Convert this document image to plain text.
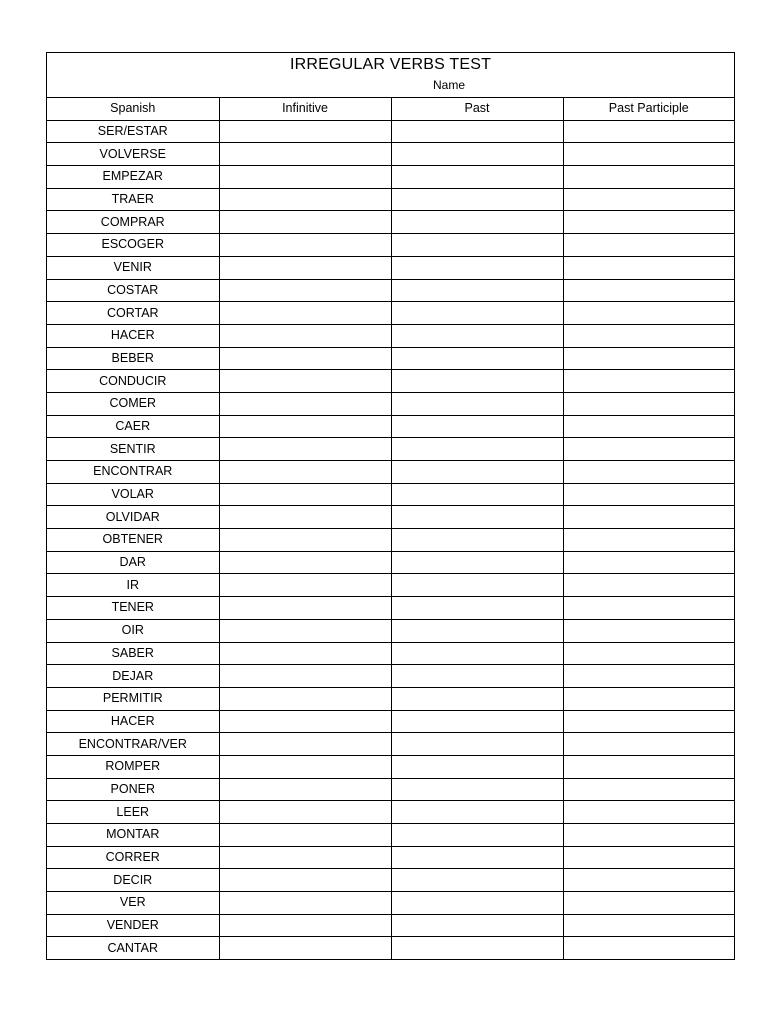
IRREGULAR VERBS TEST
Name
Spanish	Infinitive	Past	Past Participle
SER/ESTAR			
VOLVERSE			
EMPEZAR			
TRAER			
COMPRAR			
ESCOGER			
VENIR			
COSTAR			
CORTAR			
HACER			
BEBER			
CONDUCIR			
COMER			
CAER			
SENTIR			
ENCONTRAR			
VOLAR			
OLVIDAR			
OBTENER			
DAR			
IR			
TENER			
OIR			
SABER			
DEJAR			
PERMITIR			
HACER			
ENCONTRAR/VER			
ROMPER			
PONER			
LEER			
MONTAR			
CORRER			
DECIR			
VER			
VENDER			
CANTAR			
